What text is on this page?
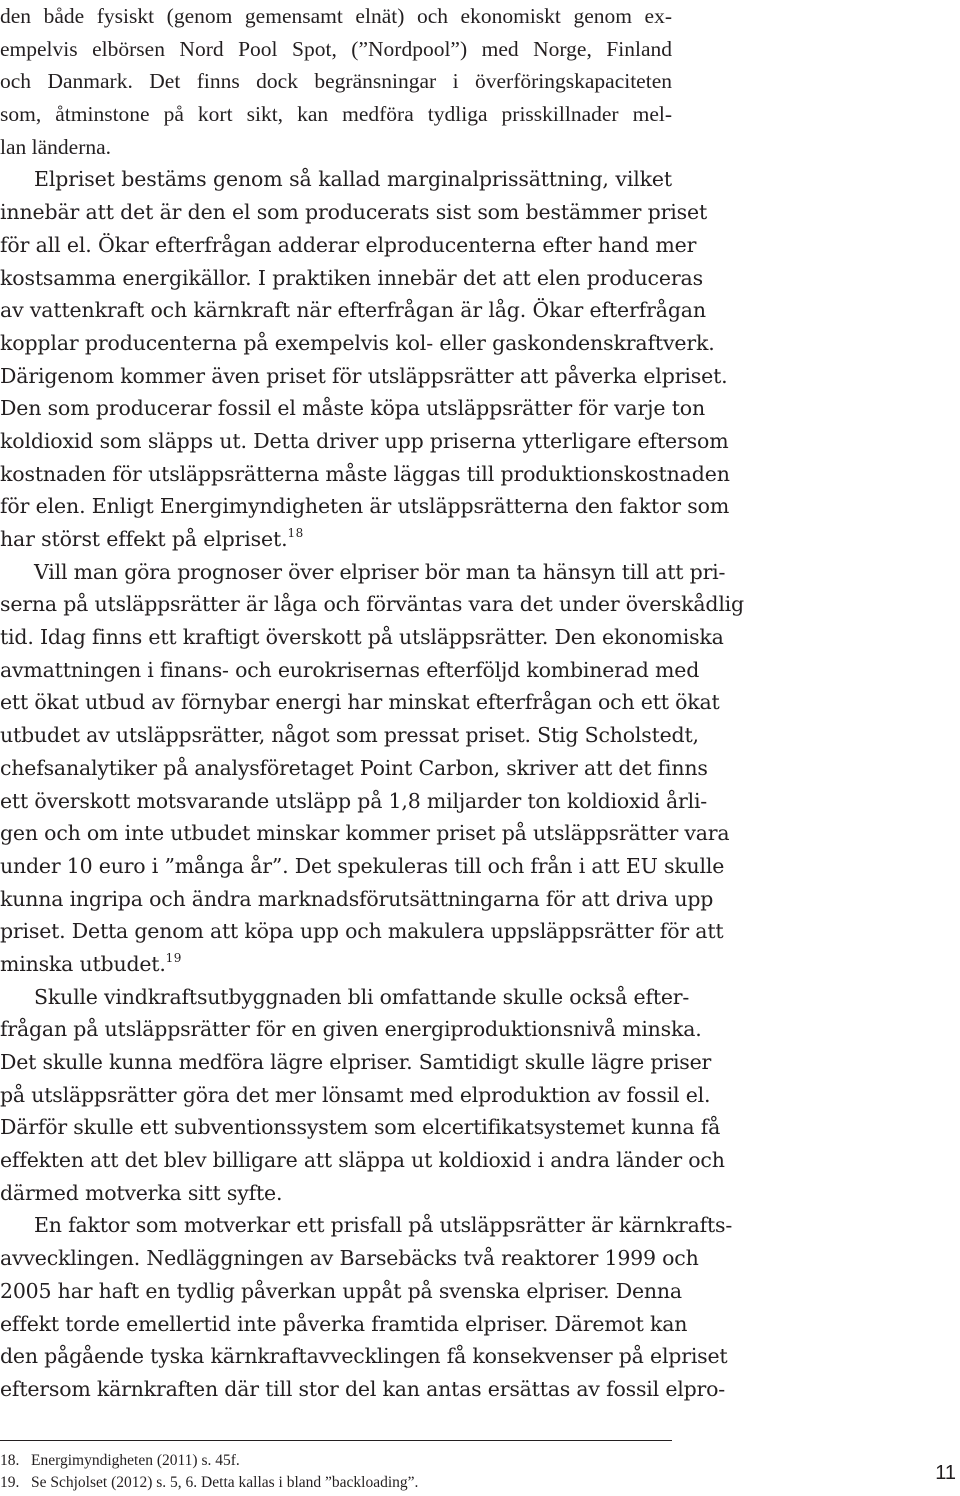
den både fysiskt (genom gemensamt elnät) och ekonomiskt genom ex-
empelvis elbörsen Nord Pool Spot, (”Nordpool”) med Norge, Finland
och Danmark. Det finns dock begränsningar i överföringskapaciteten
som, åtminstone på kort sikt, kan medföra tydliga prisskillnader mel-
lan länderna.
Elpriset bestäms genom så kallad marginalprissättning, vilket
innebär att det är den el som producerats sist som bestämmer priset
för all el. Ökar efterfrågan adderar elproducenterna efter hand mer
kostsamma energikällor. I praktiken innebär det att elen produceras
av vattenkraft och kärnkraft när efterfrågan är låg. Ökar efterfrågan
kopplar producenterna på exempelvis kol- eller gaskondenskraftverk.
Därigenom kommer även priset för utsläppsrätter att påverka elpriset.
Den som producerar fossil el måste köpa utsläppsrätter för varje ton
koldioxid som släpps ut. Detta driver upp priserna ytterligare eftersom
kostnaden för utsläppsrätterna måste läggas till produktionskostnaden
för elen. Enligt Energimyndigheten är utsläppsrätterna den faktor som
har störst effekt på elpriset.$^{18}$
Vill man göra prognoser över elpriser bör man ta hänsyn till att pri-
serna på utsläppsrätter är låga och förväntas vara det under överskådlig
tid. Idag finns ett kraftigt överskott på utsläppsrätter. Den ekonomiska
avmattningen i finans- och eurokrisernas efterföljd kombinerad med
ett ökat utbud av förnybar energi har minskat efterfrågan och ett ökat
utbudet av utsläppsrätter, något som pressat priset. Stig Scholstedt,
chefsanalytiker på analysföretaget Point Carbon, skriver att det finns
ett överskott motsvarande utsläpp på 1,8 miljarder ton koldioxid årli-
gen och om inte utbudet minskar kommer priset på utsläppsrätter vara
under 10 euro i ”många år”. Det spekuleras till och från i att EU skulle
kunna ingripa och ändra marknadsförutsättningarna för att driva upp
priset. Detta genom att köpa upp och makulera uppsläppsrätter för att
minska utbudet.$^{19}$
Skulle vindkraftsutbyggnaden bli omfattande skulle också efter-
frågan på utsläppsrätter för en given energiproduktionsnivå minska.
Det skulle kunna medföra lägre elpriser. Samtidigt skulle lägre priser
på utsläppsrätter göra det mer lönsamt med elproduktion av fossil el.
Därför skulle ett subventionssystem som elcertifikatsystemet kunna få
effekten att det blev billigare att släppa ut koldioxid i andra länder och
därmed motverka sitt syfte.
En faktor som motverkar ett prisfall på utsläppsrätter är kärnkrafts-
avvecklingen. Nedläggningen av Barsebäcks två reaktorer 1999 och
2005 har haft en tydlig påverkan uppåt på svenska elpriser. Denna
effekt torde emellertid inte påverka framtida elpriser. Däremot kan
den pågående tyska kärnkraftavvecklingen få konsekvenser på elpriset
eftersom kärnkraften där till stor del kan antas ersättas av fossil elpro-
18. Energimyndigheten (2011) s. 45f.
19. Se Schjolset (2012) s. 5, 6. Detta kallas i bland ”backloading”.	11
